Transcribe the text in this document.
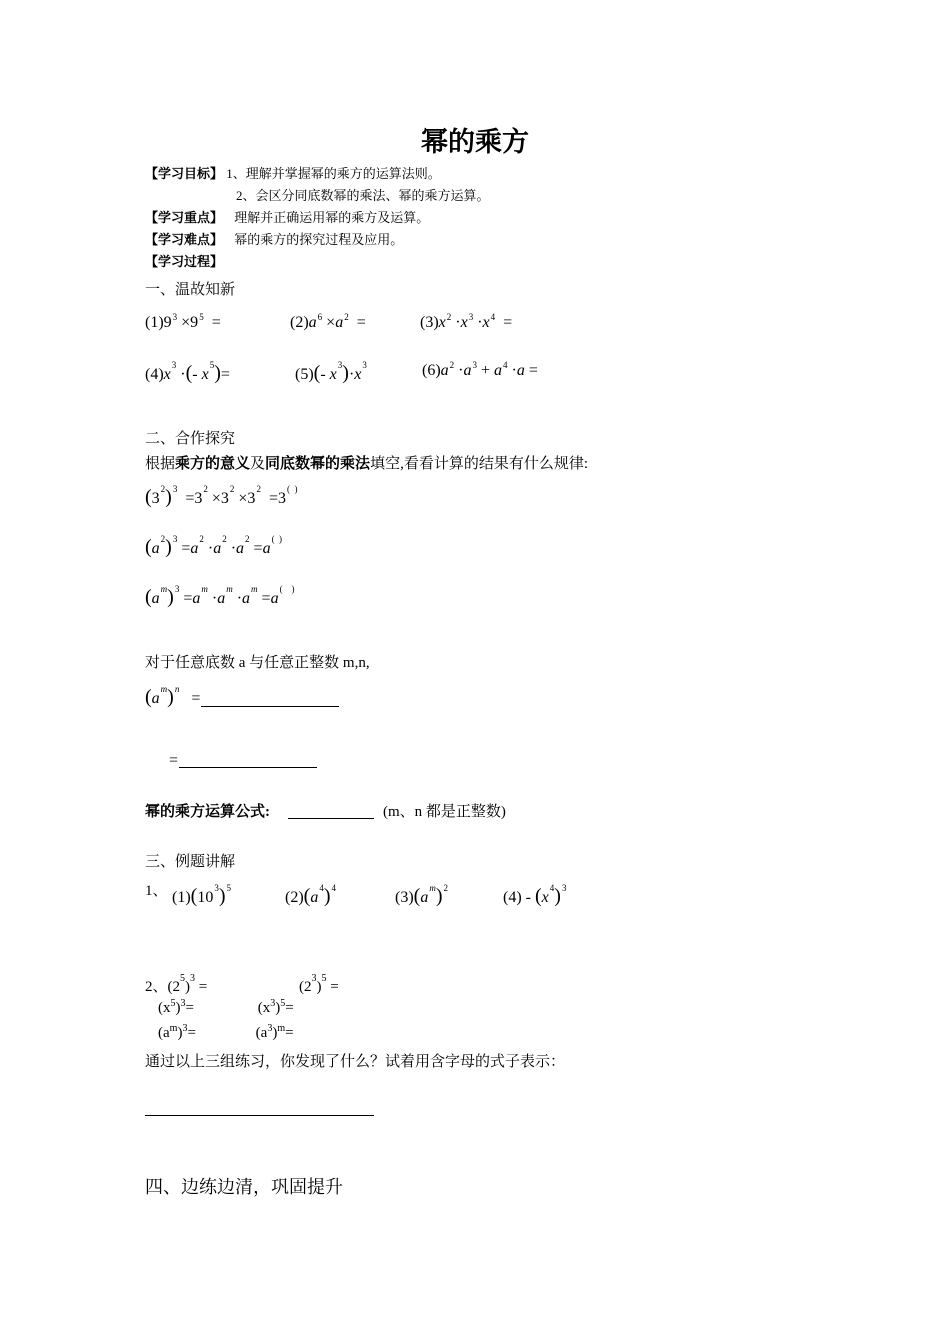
幂的乘方
【学习目标】 1、理解并掌握幂的乘方的运算法则。
2、会区分同底数幂的乘法、幂的乘方运算。
【学习重点】 理解并正确运用幂的乘方及运算。
【学习难点】 幂的乘方的探究过程及应用。
【学习过程】
一、温故知新
$(1)9^3 \times 9^5$  =	$(2)a^6 \times a^2$  =	$(3)x^2 \cdot x^3 \cdot x^4$  =
$(4)x^3$ ·(- $x^5)=$	(5)(- $x^3)\cdot x^3$	$(6)a^2 \cdot a^3 + a^4 \cdot a$ =
二、合作探究
根据乘方的意义及同底数幂的乘法填空,看看计算的结果有什么规律:
$(3^2)^3 =3^2 \times 3^2 \times 3^2 =3^{( )}$
$(a^2)^3 =a^2 \cdot a^2 \cdot a^2 =a^{( )}$
$(a^m)^3 =a^m \cdot a^m \cdot a^m =a^{( )}$
对于任意底数 a 与任意正整数 m,n,
$(a^m)^n$   =
=
幂的乘方运算公式:	(m、n 都是正整数)
三、例题讲解
1、 $(1)(10^3)^5$
$(2)(a^4)^4$
$(3)(a^m)^2$
$(4) - (x^4)^3$
2、$(2^5)^3$ =	$(2^3)^5$ =
$(x^5)^3=$	$(x^3)^5=$
$(a^m)^3=$	$(a^3)^m=$
通过以上三组练习，你发现了什么？试着用含字母的式子表示：
四、边练边清，巩固提升
